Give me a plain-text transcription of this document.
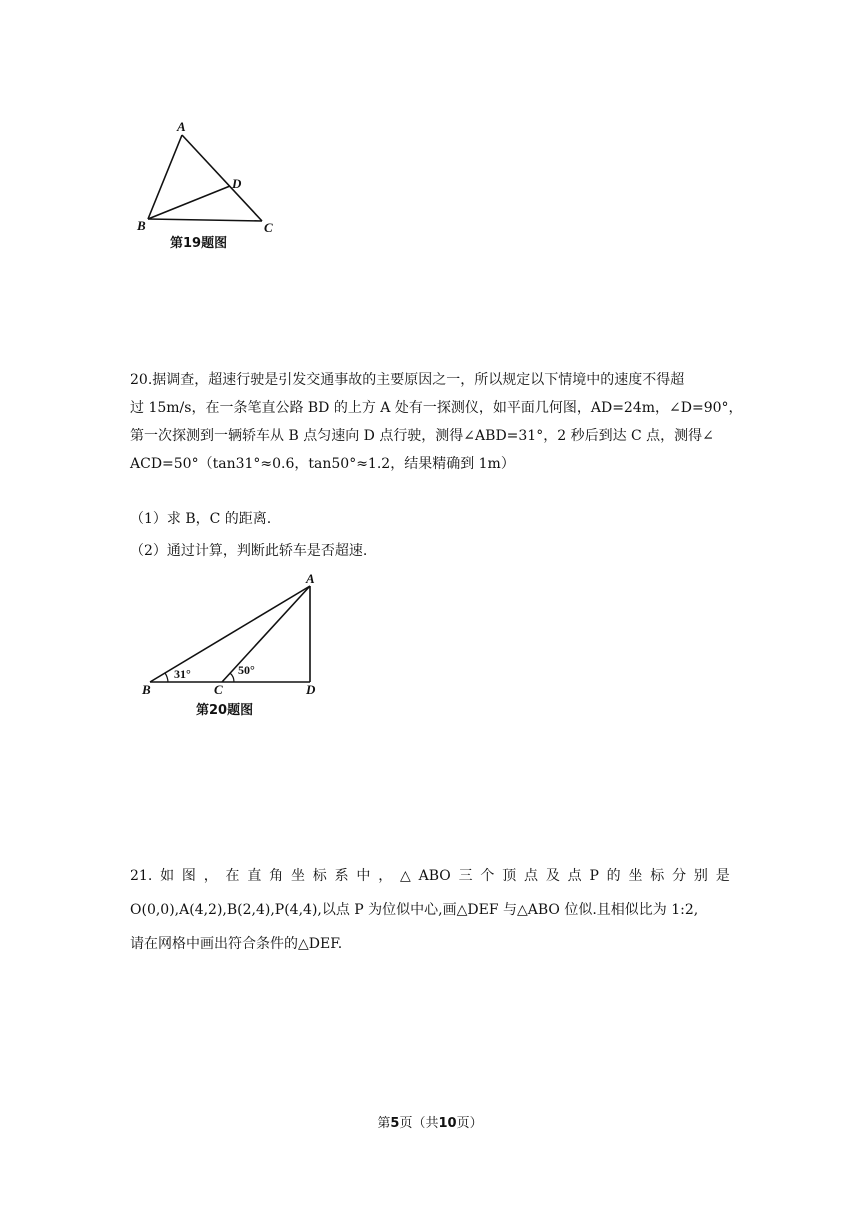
A
B	C
D
第19题图
20.据调查，超速行驶是引发交通事故的主要原因之一，所以规定以下情境中的速度不得超
过 15m/s，在一条笔直公路 BD 的上方 A 处有一探测仪，如平面几何图，AD=24m，∠D=90°，
第一次探测到一辆轿车从 B 点匀速向 D 点行驶，测得∠ABD=31°，2 秒后到达 C 点，测得∠
ACD=50°（tan31°≈0.6，tan50°≈1.2，结果精确到 1m）
（1）求 B，C 的距离.
（2）通过计算，判断此轿车是否超速.
31°	50°
A
B	C	D
第20题图
21. 如 图 ， 在 直 角 坐 标 系 中 ， △ ABO 三 个 顶 点 及 点 P 的 坐 标 分 别 是
O(0,0),A(4,2),B(2,4),P(4,4),以点 P 为位似中心,画△DEF 与△ABO 位似.且相似比为 1:2,
请在网格中画出符合条件的△DEF.
第5页（共10页）
